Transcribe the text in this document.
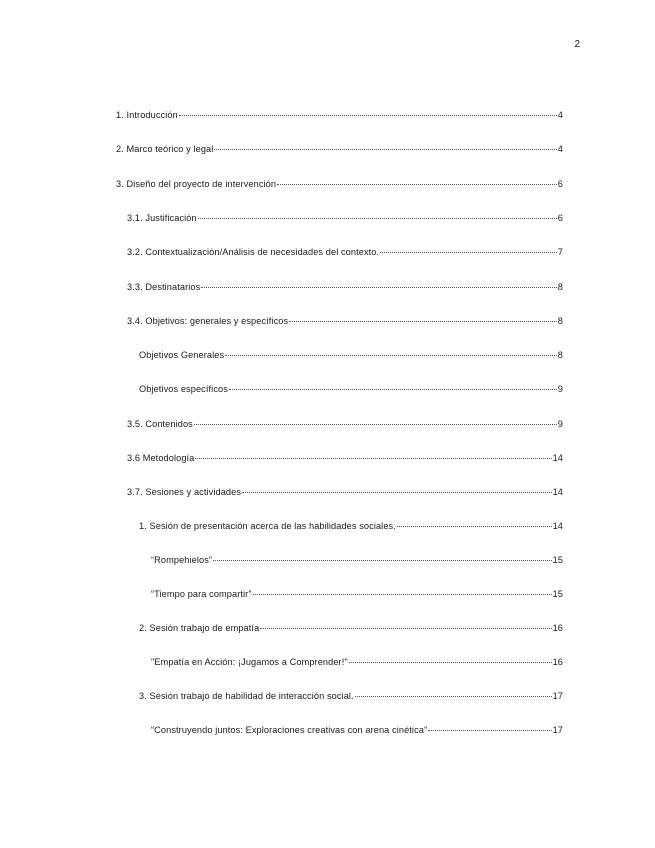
2
1. Introducción	4
2. Marco teórico y legal	4
3. Diseño del proyecto de intervención	6
3.1. Justificación	6
3.2. Contextualización/Análisis de necesidades del contexto.	7
3.3. Destinatarios	8
3.4. Objetivos: generales y específicos	8
Objetivos Generales	8
Objetivos específicos	9
3.5. Contenidos	9
3.6 Metodología	14
3.7. Sesiones y actividades	14
1. Sesión de presentación acerca de las habilidades sociales.	14
“Rompehielos”	15
“Tiempo para compartir”	15
2. Sesión trabajo de empatía	16
"Empatía en Acción: ¡Jugamos a Comprender!"	16
3. Sesión trabajo de habilidad de interacción social.	17
“Construyendo juntos: Exploraciones creativas con arena cinética”	17
